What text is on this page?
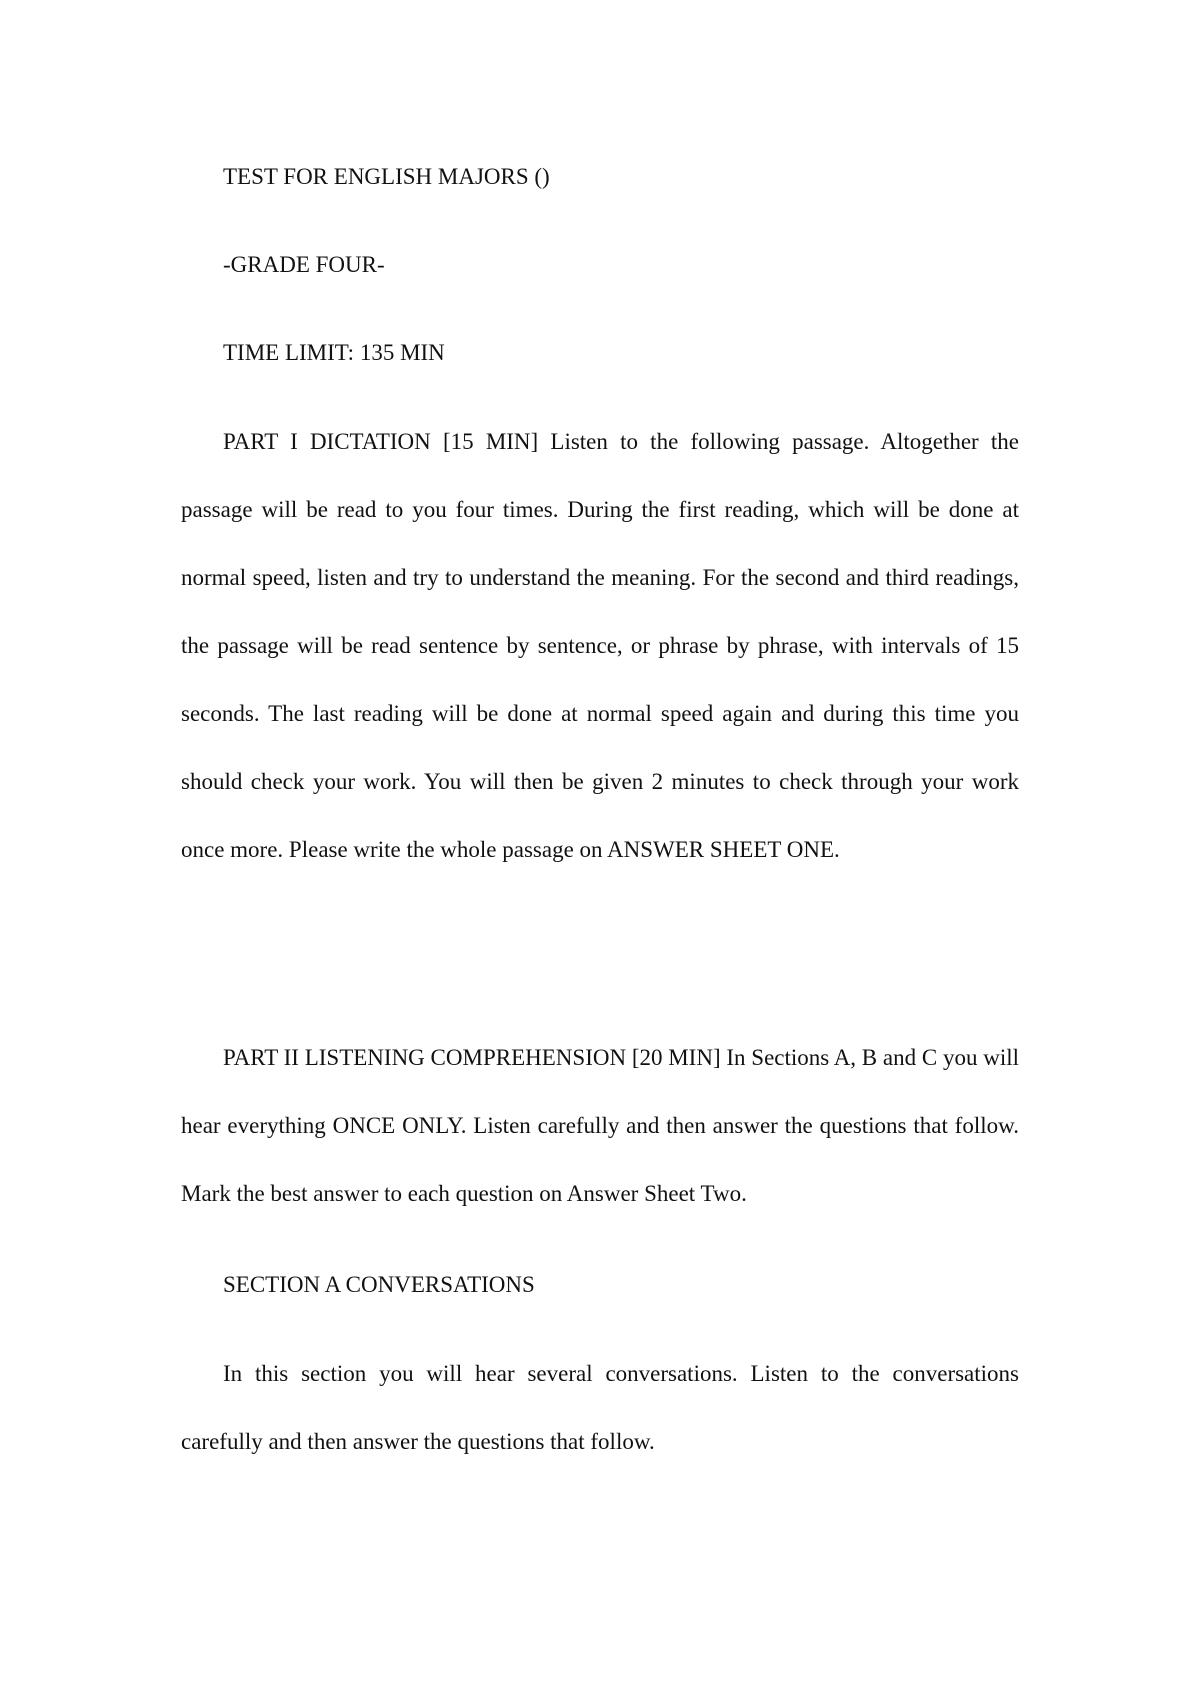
TEST FOR ENGLISH MAJORS ()

-GRADE FOUR-

TIME LIMIT: 135 MIN

PART I DICTATION [15 MIN] Listen to the following passage. Altogether the passage will be read to you four times. During the first reading, which will be done at normal speed, listen and try to understand the meaning. For the second and third readings, the passage will be read sentence by sentence, or phrase by phrase, with intervals of 15 seconds. The last reading will be done at normal speed again and during this time you should check your work. You will then be given 2 minutes to check through your work once more. Please write the whole passage on ANSWER SHEET ONE.

PART II LISTENING COMPREHENSION [20 MIN] In Sections A, B and C you will hear everything ONCE ONLY. Listen carefully and then answer the questions that follow. Mark the best answer to each question on Answer Sheet Two.

SECTION A CONVERSATIONS

In this section you will hear several conversations. Listen to the conversations carefully and then answer the questions that follow.
